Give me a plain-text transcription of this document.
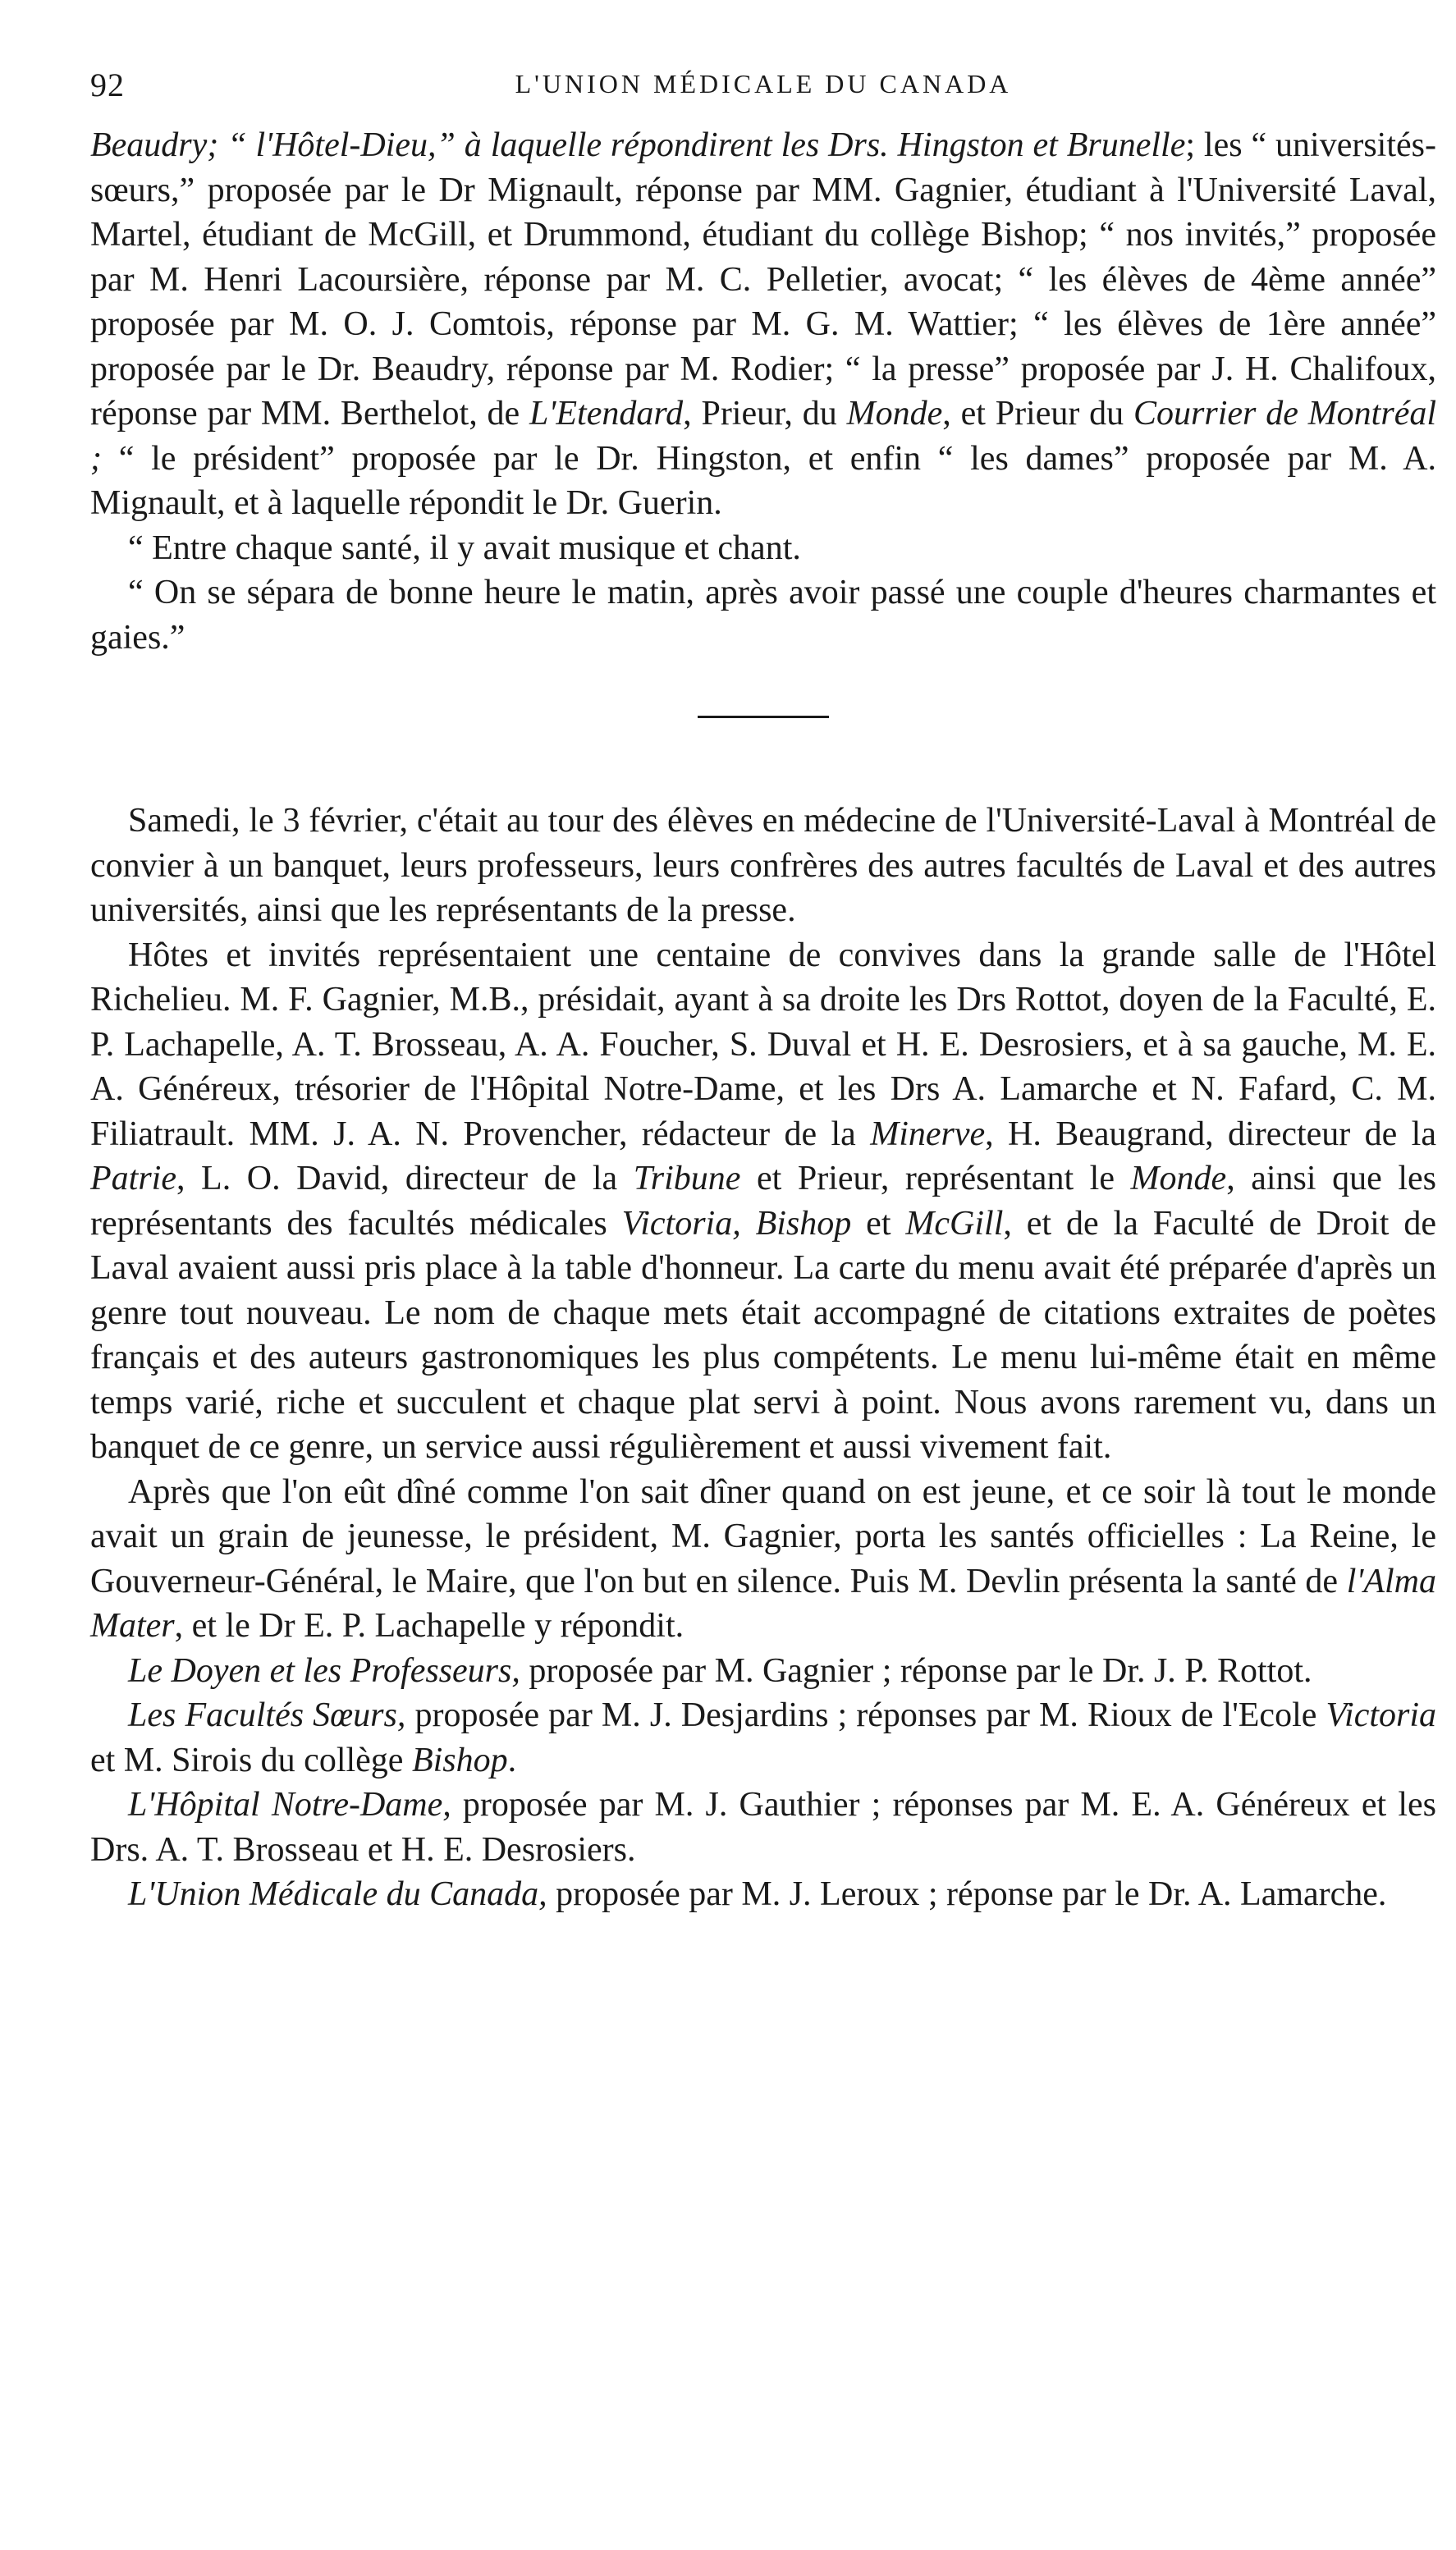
92	L'UNION MÉDICALE DU CANADA

Beaudry; “ l'Hôtel-Dieu,” à laquelle répondirent les Drs. Hingston et Brunelle; les “ universités-sœurs,” proposée par le Dr Mignault, réponse par MM. Gagnier, étudiant à l'Université Laval, Martel, étudiant de McGill, et Drummond, étudiant du collège Bishop; “ nos invités,” proposée par M. Henri Lacoursière, réponse par M. C. Pelletier, avocat; “ les élèves de 4ème année” proposée par M. O. J. Comtois, réponse par M. G. M. Wattier; “ les élèves de 1ère année” proposée par le Dr. Beaudry, réponse par M. Rodier; “ la presse” proposée par J. H. Chalifoux, réponse par MM. Berthelot, de L'Etendard, Prieur, du Monde, et Prieur du Courrier de Montréal ; “ le président” proposée par le Dr. Hingston, et enfin “ les dames” proposée par M. A. Mignault, et à laquelle répondit le Dr. Guerin.

“ Entre chaque santé, il y avait musique et chant.

“ On se sépara de bonne heure le matin, après avoir passé une couple d'heures charmantes et gaies.”

Samedi, le 3 février, c'était au tour des élèves en médecine de l'Université-Laval à Montréal de convier à un banquet, leurs professeurs, leurs confrères des autres facultés de Laval et des autres universités, ainsi que les représentants de la presse.

Hôtes et invités représentaient une centaine de convives dans la grande salle de l'Hôtel Richelieu. M. F. Gagnier, M.B., présidait, ayant à sa droite les Drs Rottot, doyen de la Faculté, E. P. Lachapelle, A. T. Brosseau, A. A. Foucher, S. Duval et H. E. Desrosiers, et à sa gauche, M. E. A. Généreux, trésorier de l'Hôpital Notre-Dame, et les Drs A. Lamarche et N. Fafard, C. M. Filiatrault. MM. J. A. N. Provencher, rédacteur de la Minerve, H. Beaugrand, directeur de la Patrie, L. O. David, directeur de la Tribune et Prieur, représentant le Monde, ainsi que les représentants des facultés médicales Victoria, Bishop et McGill, et de la Faculté de Droit de Laval avaient aussi pris place à la table d'honneur. La carte du menu avait été préparée d'après un genre tout nouveau. Le nom de chaque mets était accompagné de citations extraites de poètes français et des auteurs gastronomiques les plus compétents. Le menu lui-même était en même temps varié, riche et succulent et chaque plat servi à point. Nous avons rarement vu, dans un banquet de ce genre, un service aussi régulièrement et aussi vivement fait.

Après que l'on eût dîné comme l'on sait dîner quand on est jeune, et ce soir là tout le monde avait un grain de jeunesse, le président, M. Gagnier, porta les santés officielles : La Reine, le Gouverneur-Général, le Maire, que l'on but en silence. Puis M. Devlin présenta la santé de l'Alma Mater, et le Dr E. P. Lachapelle y répondit.

Le Doyen et les Professeurs, proposée par M. Gagnier ; réponse par le Dr. J. P. Rottot.

Les Facultés Sœurs, proposée par M. J. Desjardins ; réponses par M. Rioux de l'Ecole Victoria et M. Sirois du collège Bishop.

L'Hôpital Notre-Dame, proposée par M. J. Gauthier ; réponses par M. E. A. Généreux et les Drs. A. T. Brosseau et H. E. Desrosiers.

L'Union Médicale du Canada, proposée par M. J. Leroux ; réponse par le Dr. A. Lamarche.
